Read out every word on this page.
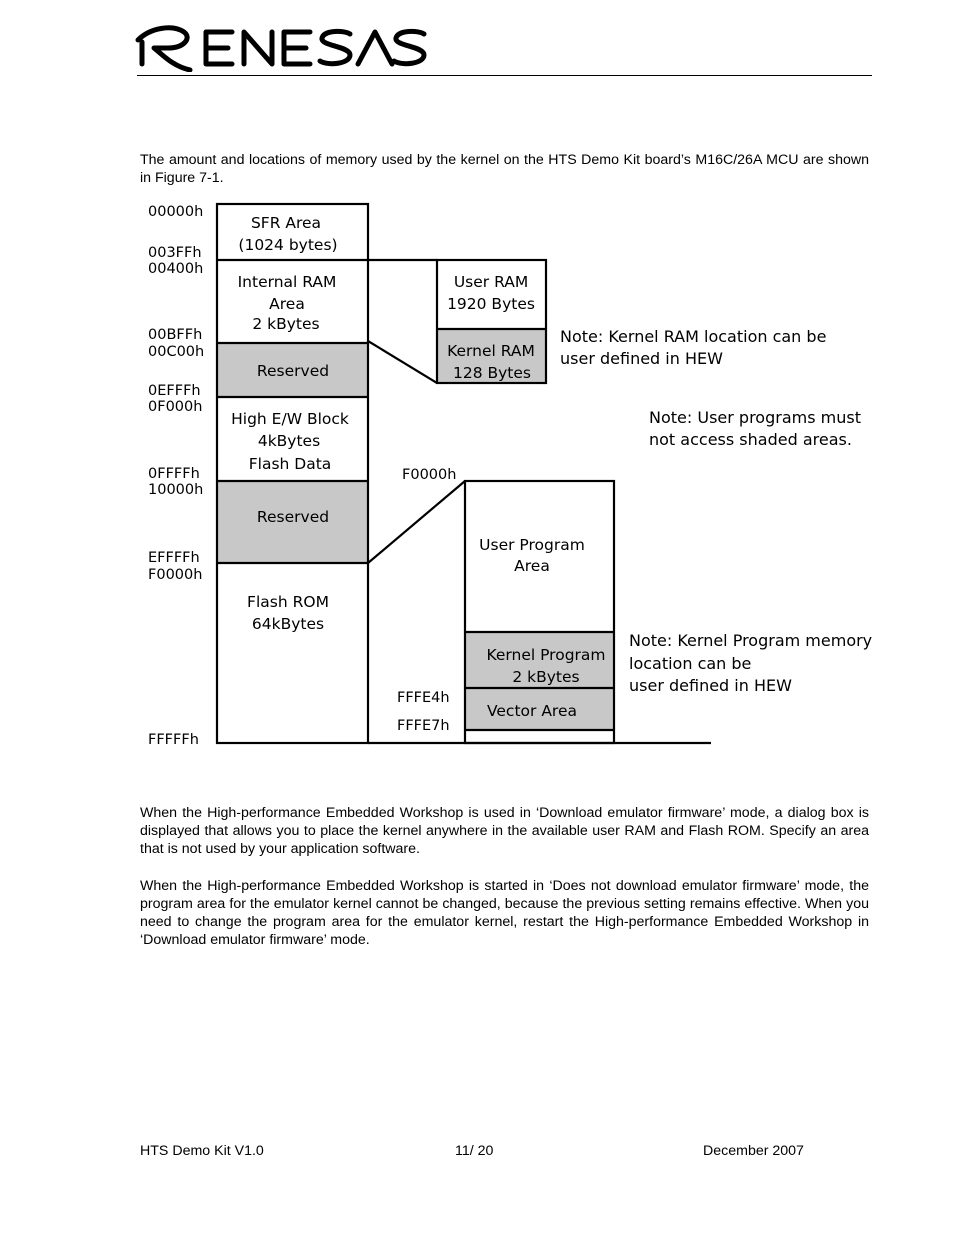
The amount and locations of memory used by the kernel on the HTS Demo Kit board’s M16C/26A MCU are shown in Figure 7-1.

00000h
003FFh
00400h
00BFFh
00C00h
0EFFFh
0F000h
0FFFFh
10000h
EFFFFh
F0000h
FFFFFh
F0000h
FFFE4h
FFFE7h
SFR Area
(1024 bytes)
Internal RAM
Area
2 kBytes
Reserved
High E/W Block
4kBytes
Flash Data
Reserved
Flash ROM
64kBytes
User RAM
1920 Bytes
Kernel RAM
128 Bytes
User Program
Area
Kernel Program
2 kBytes
Vector Area
Note: Kernel RAM location can be
user defined in HEW
Note: User programs must
not access shaded areas.
Note: Kernel Program memory
location can be
user defined in HEW

When the High-performance Embedded Workshop is used in ‘Download emulator firmware’ mode, a dialog box is displayed that allows you to place the kernel anywhere in the available user RAM and Flash ROM. Specify an area that is not used by your application software.

When the High-performance Embedded Workshop is started in ‘Does not download emulator firmware’ mode, the program area for the emulator kernel cannot be changed, because the previous setting remains effective. When you need to change the program area for the emulator kernel, restart the High-performance Embedded Workshop in ‘Download emulator firmware’ mode.

HTS Demo Kit V1.0	11/ 20	December 2007
